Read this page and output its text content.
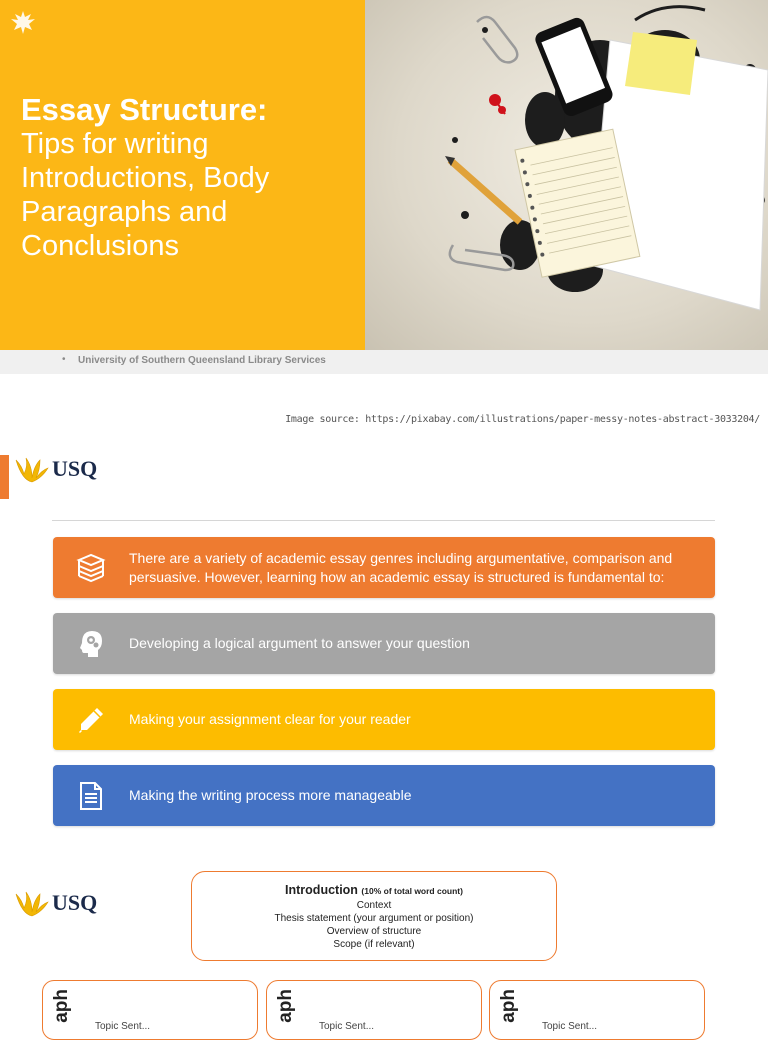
Essay Structure:
Tips for writing Introductions, Body Paragraphs and Conclusions
• University of Southern Queensland Library Services
Image source: https://pixabay.com/illustrations/paper-messy-notes-abstract-3033204/
USQ
There are a variety of academic essay genres including argumentative, comparison and persuasive. However, learning how an academic essay is structured is fundamental to:
Developing a logical argument to answer your question
Making your assignment clear for your reader
Making the writing process more manageable
USQ	Introduction (10% of total word count)
Context
Thesis statement (your argument or position)
Overview of structure
Scope (if relevant)
aph
Topic Sent...
aph
Topic Sent...
aph
Topic Sent...
